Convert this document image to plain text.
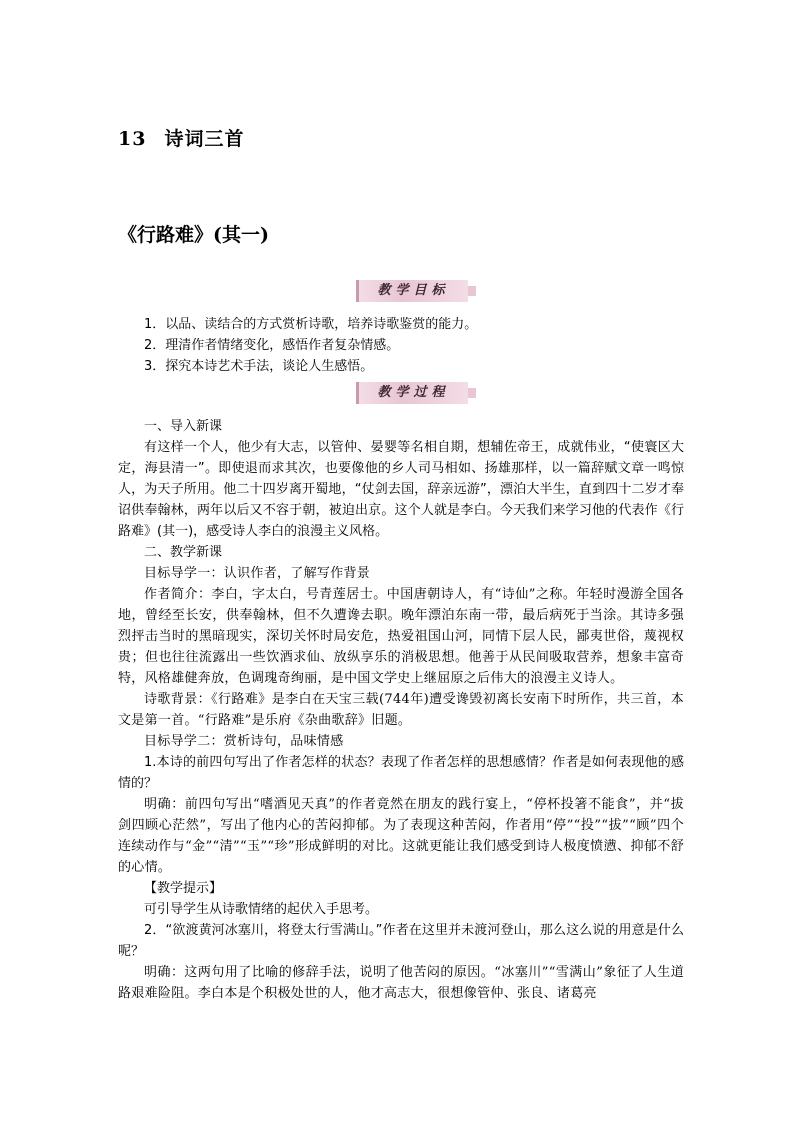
13 诗词三首
《行路难》(其一)
教学目标

1．以品、读结合的方式赏析诗歌，培养诗歌鉴赏的能力。

2．理清作者情绪变化，感悟作者复杂情感。

3．探究本诗艺术手法，谈论人生感悟。

教学过程

一、导入新课

有这样一个人，他少有大志，以管仲、晏婴等名相自期，想辅佐帝王，成就伟业，“使寰区大定，海县清一”。即使退而求其次，也要像他的乡人司马相如、扬雄那样，以一篇辞赋文章一鸣惊人，为天子所用。他二十四岁离开蜀地，“仗剑去国，辞亲远游”，漂泊大半生，直到四十二岁才奉诏供奉翰林，两年以后又不容于朝，被迫出京。这个人就是李白。今天我们来学习他的代表作《行路难》(其一)，感受诗人李白的浪漫主义风格。

二、教学新课

目标导学一：认识作者，了解写作背景

作者简介：李白，字太白，号青莲居士。中国唐朝诗人，有“诗仙”之称。年轻时漫游全国各地，曾经至长安，供奉翰林，但不久遭谗去职。晚年漂泊东南一带，最后病死于当涂。其诗多强烈抨击当时的黑暗现实，深切关怀时局安危，热爱祖国山河，同情下层人民，鄙夷世俗，蔑视权贵；但也往往流露出一些饮酒求仙、放纵享乐的消极思想。他善于从民间吸取营养，想象丰富奇特，风格雄健奔放，色调瑰奇绚丽，是中国文学史上继屈原之后伟大的浪漫主义诗人。

诗歌背景：《行路难》是李白在天宝三载(744年)遭受谗毁初离长安南下时所作，共三首，本文是第一首。“行路难”是乐府《杂曲歌辞》旧题。

目标导学二：赏析诗句，品味情感

1.本诗的前四句写出了作者怎样的状态？表现了作者怎样的思想感情？作者是如何表现他的感情的？

明确：前四句写出“嗜酒见天真”的作者竟然在朋友的践行宴上，“停杯投箸不能食”，并“拔剑四顾心茫然”，写出了他内心的苦闷抑郁。为了表现这种苦闷，作者用“停”“投”“拔”“顾”四个连续动作与“金”“清”“玉”“珍”形成鲜明的对比。这就更能让我们感受到诗人极度愤懑、抑郁不舒的心情。

【教学提示】

可引导学生从诗歌情绪的起伏入手思考。

2．“欲渡黄河冰塞川，将登太行雪满山。”作者在这里并未渡河登山，那么这么说的用意是什么呢？

明确：这两句用了比喻的修辞手法，说明了他苦闷的原因。“冰塞川”“雪满山”象征了人生道路艰难险阻。李白本是个积极处世的人，他才高志大，很想像管仲、张良、诸葛亮
